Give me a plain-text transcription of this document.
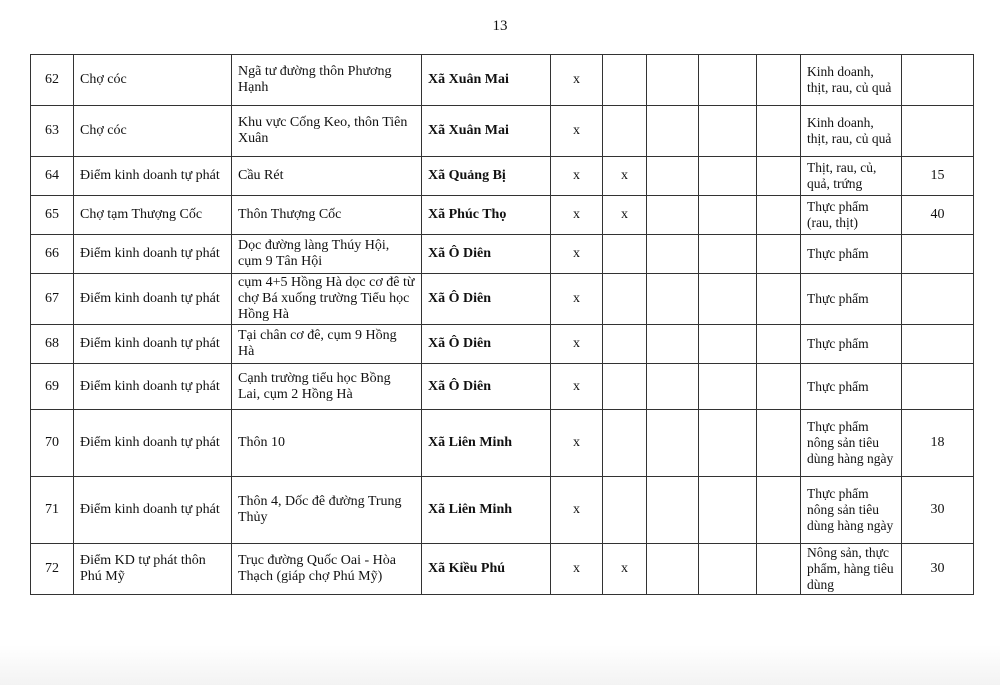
13
62	Chợ cóc	Ngã tư đường thôn Phương Hạnh	Xã Xuân Mai	x					Kinh doanh, thịt, rau, củ quả	
63	Chợ cóc	Khu vực Cống Keo, thôn Tiên Xuân	Xã Xuân Mai	x					Kinh doanh, thịt, rau, củ quả	
64	Điểm kinh doanh tự phát	Cầu Rét	Xã Quảng Bị	x	x				Thịt, rau, củ, quả, trứng	15
65	Chợ tạm Thượng Cốc	Thôn Thượng Cốc	Xã Phúc Thọ	x	x				Thực phẩm (rau, thịt)	40
66	Điểm kinh doanh tự phát	Dọc đường làng Thúy Hội, cụm 9 Tân Hội	Xã Ô Diên	x					Thực phẩm	
67	Điểm kinh doanh tự phát	cụm 4+5 Hồng Hà dọc cơ đê từ chợ Bá xuống trường Tiểu học Hồng Hà	Xã Ô Diên	x					Thực phẩm	
68	Điểm kinh doanh tự phát	Tại chân cơ đê, cụm 9 Hồng Hà	Xã Ô Diên	x					Thực phẩm	
69	Điểm kinh doanh tự phát	Cạnh trường tiểu học Bồng Lai, cụm 2 Hồng Hà	Xã Ô Diên	x					Thực phẩm	
70	Điểm kinh doanh tự phát	Thôn 10	Xã Liên Minh	x					Thực phẩm nông sản tiêu dùng hàng ngày	18
71	Điểm kinh doanh tự phát	Thôn 4, Dốc đê đường Trung Thủy	Xã Liên Minh	x					Thực phẩm nông sản tiêu dùng hàng ngày	30
72	Điểm KD tự phát thôn Phú Mỹ	Trục đường Quốc Oai - Hòa Thạch (giáp chợ Phú Mỹ)	Xã Kiều Phú	x	x				Nông sản, thực phẩm, hàng tiêu dùng	30
